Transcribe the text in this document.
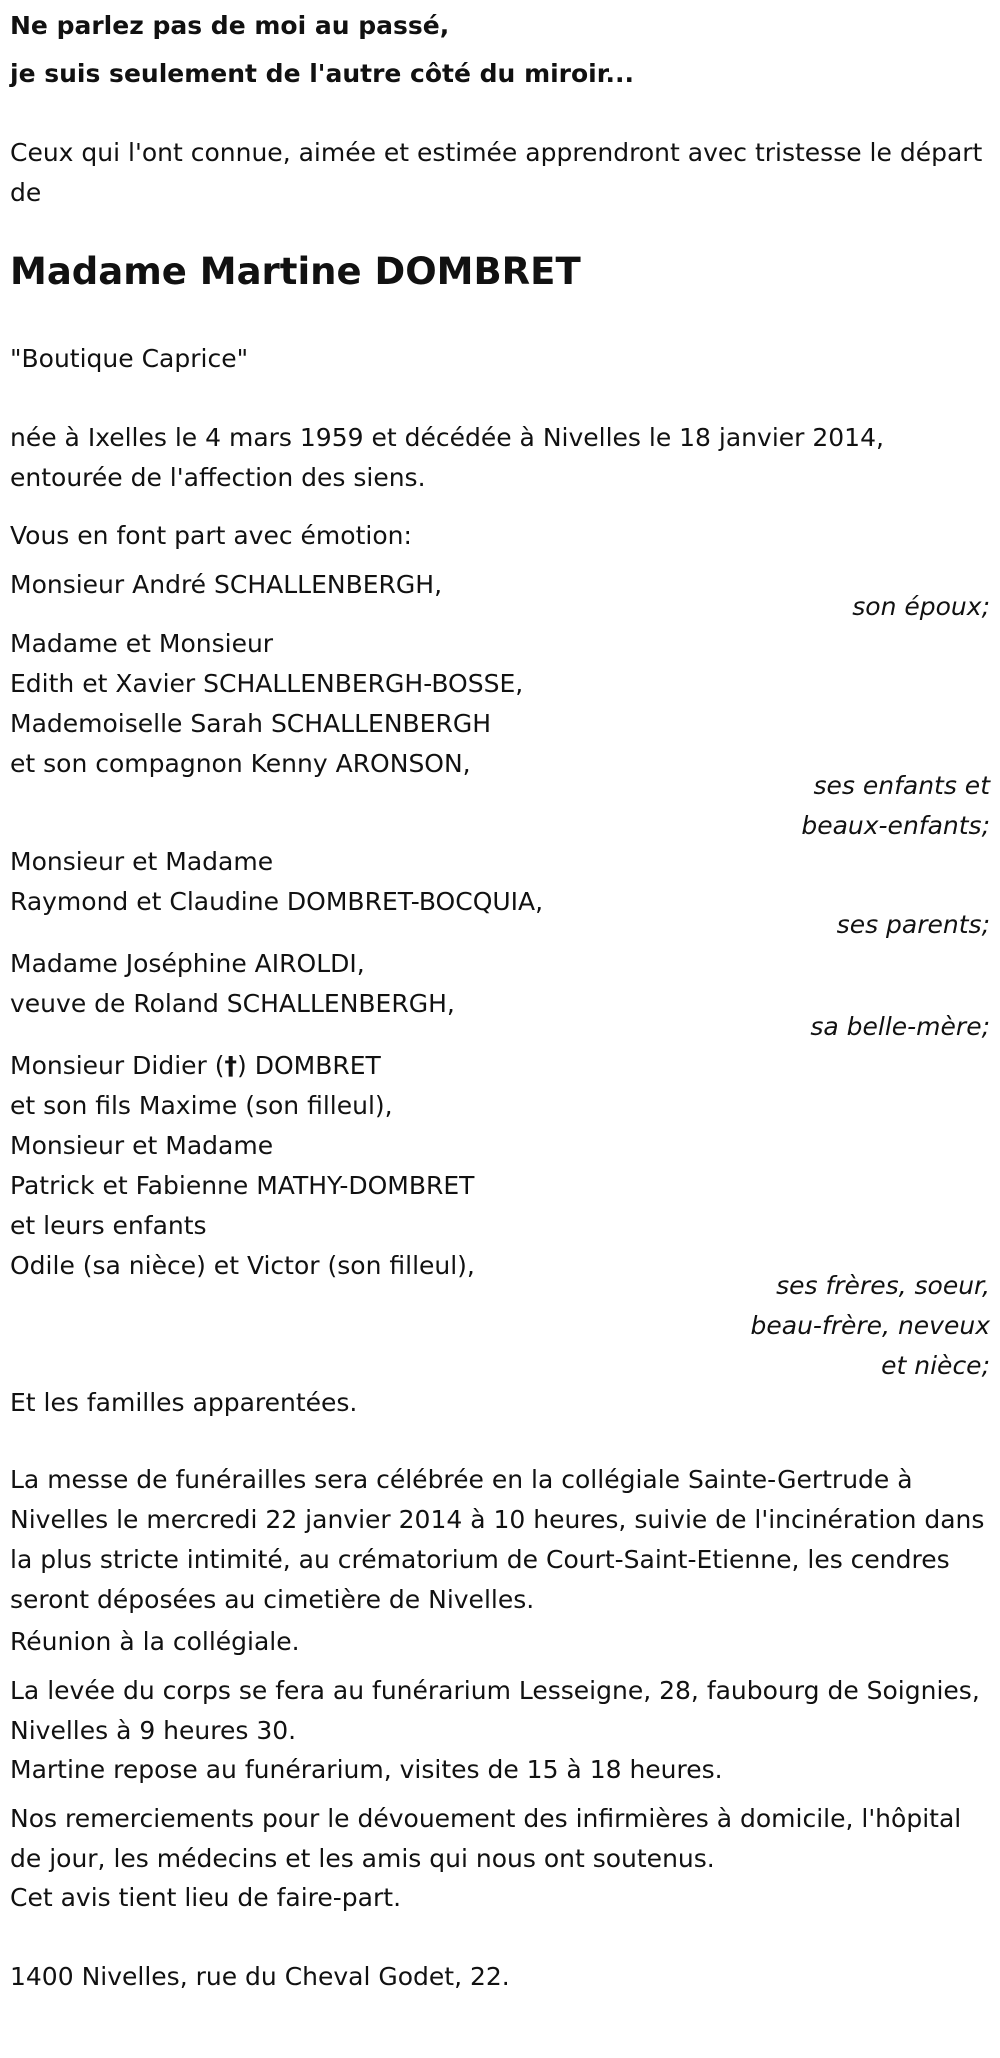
Ne parlez pas de moi au passé,
je suis seulement de l'autre côté du miroir...

Ceux qui l'ont connue, aimée et estimée apprendront avec tristesse le départ de

Madame Martine DOMBRET

"Boutique Caprice"

née à Ixelles le 4 mars 1959 et décédée à Nivelles le 18 janvier 2014, entourée de l'affection des siens.

Vous en font part avec émotion:

Monsieur André SCHALLENBERGH,

son époux;
Madame et Monsieur
Edith et Xavier SCHALLENBERGH-BOSSE,
Mademoiselle Sarah SCHALLENBERGH
et son compagnon Kenny ARONSON,
ses enfants et
beaux-enfants;
Monsieur et Madame
Raymond et Claudine DOMBRET-BOCQUIA,
ses parents;
Madame Joséphine AIROLDI,
veuve de Roland SCHALLENBERGH,
sa belle-mère;
Monsieur Didier (†) DOMBRET
et son fils Maxime (son filleul),
Monsieur et Madame
Patrick et Fabienne MATHY-DOMBRET
et leurs enfants
Odile (sa nièce) et Victor (son filleul),
ses frères, soeur,
beau-frère, neveux
et nièce;

Et les familles apparentées.

La messe de funérailles sera célébrée en la collégiale Sainte-Gertrude à Nivelles le mercredi 22 janvier 2014 à 10 heures, suivie de l'incinération dans la plus stricte intimité, au crématorium de Court-Saint-Etienne, les cendres seront déposées au cimetière de Nivelles.

Réunion à la collégiale.

La levée du corps se fera au funérarium Lesseigne, 28, faubourg de Soignies, Nivelles à 9 heures 30.

Martine repose au funérarium, visites de 15 à 18 heures.

Nos remerciements pour le dévouement des infirmières à domicile, l'hôpital de jour, les médecins et les amis qui nous ont soutenus.

Cet avis tient lieu de faire-part.

1400 Nivelles, rue du Cheval Godet, 22.
